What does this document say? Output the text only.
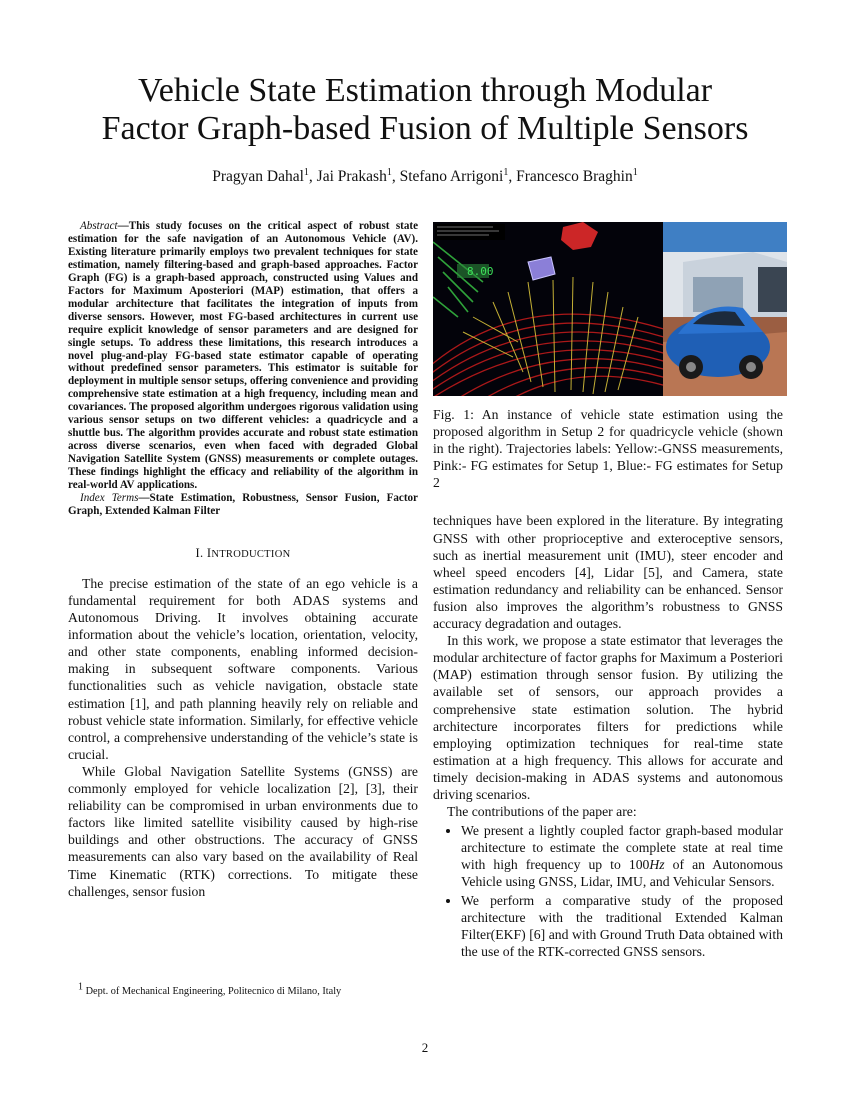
Vehicle State Estimation through Modular
Factor Graph-based Fusion of Multiple Sensors
Pragyan Dahal$^1$, Jai Prakash$^1$, Stefano Arrigoni$^1$, Francesco Braghin$^1$

Abstract—This study focuses on the critical aspect of robust state estimation for the safe navigation of an Autonomous Vehicle (AV). Existing literature primarily employs two prevalent techniques for state estimation, namely filtering-based and graph-based approaches. Factor Graph (FG) is a graph-based approach, constructed using Values and Factors for Maximum Aposteriori (MAP) estimation, that offers a modular architecture that facilitates the integration of inputs from diverse sensors. However, most FG-based architectures in current use require explicit knowledge of sensor parameters and are designed for single setups. To address these limitations, this research introduces a novel plug-and-play FG-based state estimator capable of operating without predefined sensor parameters. This estimator is suitable for deployment in multiple sensor setups, offering convenience and providing comprehensive state estimation at a high frequency, including mean and covariances. The proposed algorithm undergoes rigorous validation using various sensor setups on two different vehicles: a quadricycle and a shuttle bus. The algorithm provides accurate and robust state estimation across diverse scenarios, even when faced with degraded Global Navigation Satellite System (GNSS) measurements or complete outages. These findings highlight the efficacy and reliability of the algorithm in real-world AV applications.

Index Terms—State Estimation, Robustness, Sensor Fusion, Factor Graph, Extended Kalman Filter

I. INTRODUCTION

The precise estimation of the state of an ego vehicle is a fundamental requirement for both ADAS systems and Autonomous Driving. It involves obtaining accurate information about the vehicle’s location, orientation, velocity, and other state components, enabling informed decision-making in subsequent software components. Various functionalities such as vehicle navigation, obstacle state estimation [1], and path planning heavily rely on reliable and robust vehicle state information. Similarly, for effective vehicle control, a comprehensive understanding of the vehicle’s state is crucial.

While Global Navigation Satellite Systems (GNSS) are commonly employed for vehicle localization [2], [3], their reliability can be compromised in urban environments due to factors like limited satellite visibility caused by high-rise buildings and other obstructions. The accuracy of GNSS measurements can also vary based on the availability of Real Time Kinematic (RTK) corrections. To mitigate these challenges, sensor fusion

$^1$ Dept. of Mechanical Engineering, Politecnico di Milano, Italy
8.00

Fig. 1: An instance of vehicle state estimation using the proposed algorithm in Setup 2 for quadricycle vehicle (shown in the right). Trajectories labels: Yellow:-GNSS measurements, Pink:- FG estimates for Setup 1, Blue:- FG estimates for Setup 2

techniques have been explored in the literature. By integrating GNSS with other proprioceptive and exteroceptive sensors, such as inertial measurement unit (IMU), steer encoder and wheel speed encoders [4], Lidar [5], and Camera, state estimation redundancy and reliability can be enhanced. Sensor fusion also improves the algorithm’s robustness to GNSS accuracy degradation and outages.

In this work, we propose a state estimator that leverages the modular architecture of factor graphs for Maximum a Posteriori (MAP) estimation through sensor fusion. By utilizing the available set of sensors, our approach provides a comprehensive state estimation solution. The hybrid architecture incorporates filters for predictions while employing optimization techniques for real-time state estimation at a high frequency. This allows for accurate and timely decision-making in ADAS systems and autonomous driving scenarios.

The contributions of the paper are:

• We present a lightly coupled factor graph-based modular architecture to estimate the complete state at real time with high frequency up to 100Hz of an Autonomous Vehicle using GNSS, Lidar, IMU, and Vehicular Sensors.
• We perform a comparative study of the proposed architecture with the traditional Extended Kalman Filter(EKF) [6] and with Ground Truth Data obtained with the use of the RTK-corrected GNSS sensors.
2
